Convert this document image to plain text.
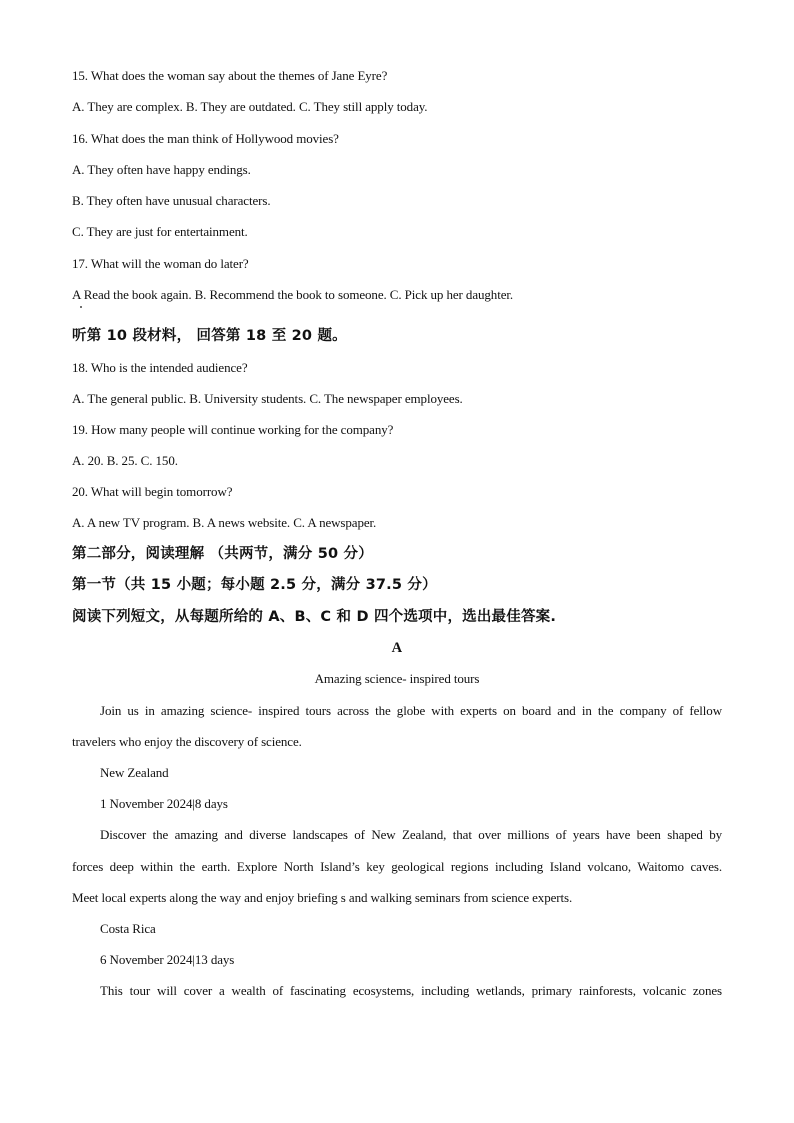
15. What does the woman say about the themes of Jane Eyre?
A. They are complex. B. They are outdated. C. They still apply today.
16. What does the man think of Hollywood movies?
A. They often have happy endings.
B. They often have unusual characters.
C. They are just for entertainment.
17. What will the woman do later?
A Read the book again. B. Recommend the book to someone. C. Pick up her daughter.
听第 10 段材料， 回答第 18 至 20 题。
18. Who is the intended audience?
A. The general public. B. University students. C. The newspaper employees.
19. How many people will continue working for the company?
A. 20. B. 25. C. 150.
20. What will begin tomorrow?
A. A new TV program. B. A news website. C. A newspaper.
第二部分，阅读理解 （共两节，满分 50 分）
第一节（共 15 小题；每小题 2.5 分，满分 37.5 分）
阅读下列短文，从每题所给的 A、B、C 和 D 四个选项中，选出最佳答案.
A
Amazing science- inspired tours
Join us in amazing science- inspired tours across the globe with experts on board and in the company of fellow
travelers who enjoy the discovery of science.
New Zealand
1 November 2024|8 days
Discover the amazing and diverse landscapes of New Zealand, that over millions of years have been shaped by
forces deep within the earth. Explore North Island’s key geological regions including Island volcano, Waitomo caves.
Meet local experts along the way and enjoy briefing s and walking seminars from science experts.
Costa Rica
6 November 2024|13 days
This tour will cover a wealth of fascinating ecosystems, including wetlands, primary rainforests, volcanic zones
